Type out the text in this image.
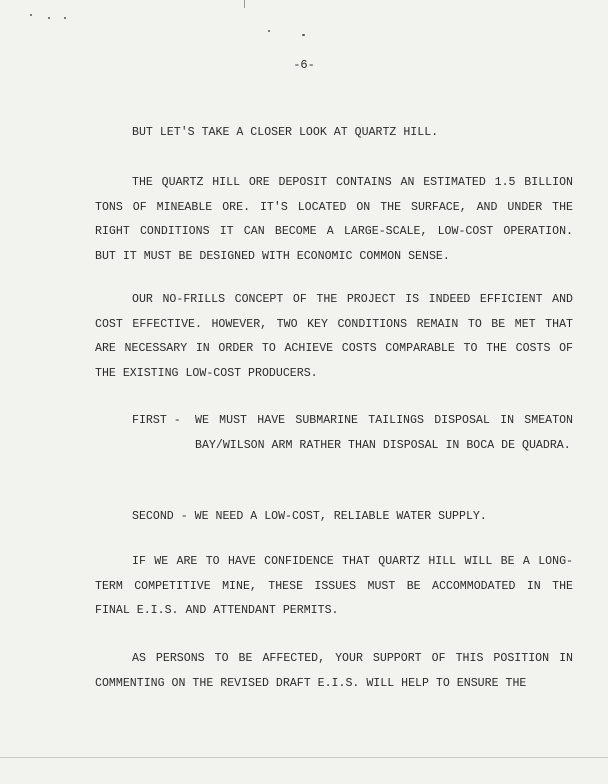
-6-

BUT LET'S TAKE A CLOSER LOOK AT QUARTZ HILL.

THE QUARTZ HILL ORE DEPOSIT CONTAINS AN ESTIMATED 1.5 BILLION TONS OF MINEABLE ORE. IT'S LOCATED ON THE SURFACE, AND UNDER THE RIGHT CONDITIONS IT CAN BECOME A LARGE-SCALE, LOW-COST OPERATION. BUT IT MUST BE DESIGNED WITH ECONOMIC COMMON SENSE.

OUR NO-FRILLS CONCEPT OF THE PROJECT IS INDEED EFFICIENT AND COST EFFECTIVE. HOWEVER, TWO KEY CONDITIONS REMAIN TO BE MET THAT ARE NECESSARY IN ORDER TO ACHIEVE COSTS COMPARABLE TO THE COSTS OF THE EXISTING LOW-COST PRODUCERS.

FIRST - WE MUST HAVE SUBMARINE TAILINGS DISPOSAL IN SMEATON BAY/WILSON ARM RATHER THAN DISPOSAL IN BOCA DE QUADRA.

SECOND - WE NEED A LOW-COST, RELIABLE WATER SUPPLY.

IF WE ARE TO HAVE CONFIDENCE THAT QUARTZ HILL WILL BE A LONG-TERM COMPETITIVE MINE, THESE ISSUES MUST BE ACCOMMODATED IN THE FINAL E.I.S. AND ATTENDANT PERMITS.

AS PERSONS TO BE AFFECTED, YOUR SUPPORT OF THIS POSITION IN COMMENTING ON THE REVISED DRAFT E.I.S. WILL HELP TO ENSURE THE
